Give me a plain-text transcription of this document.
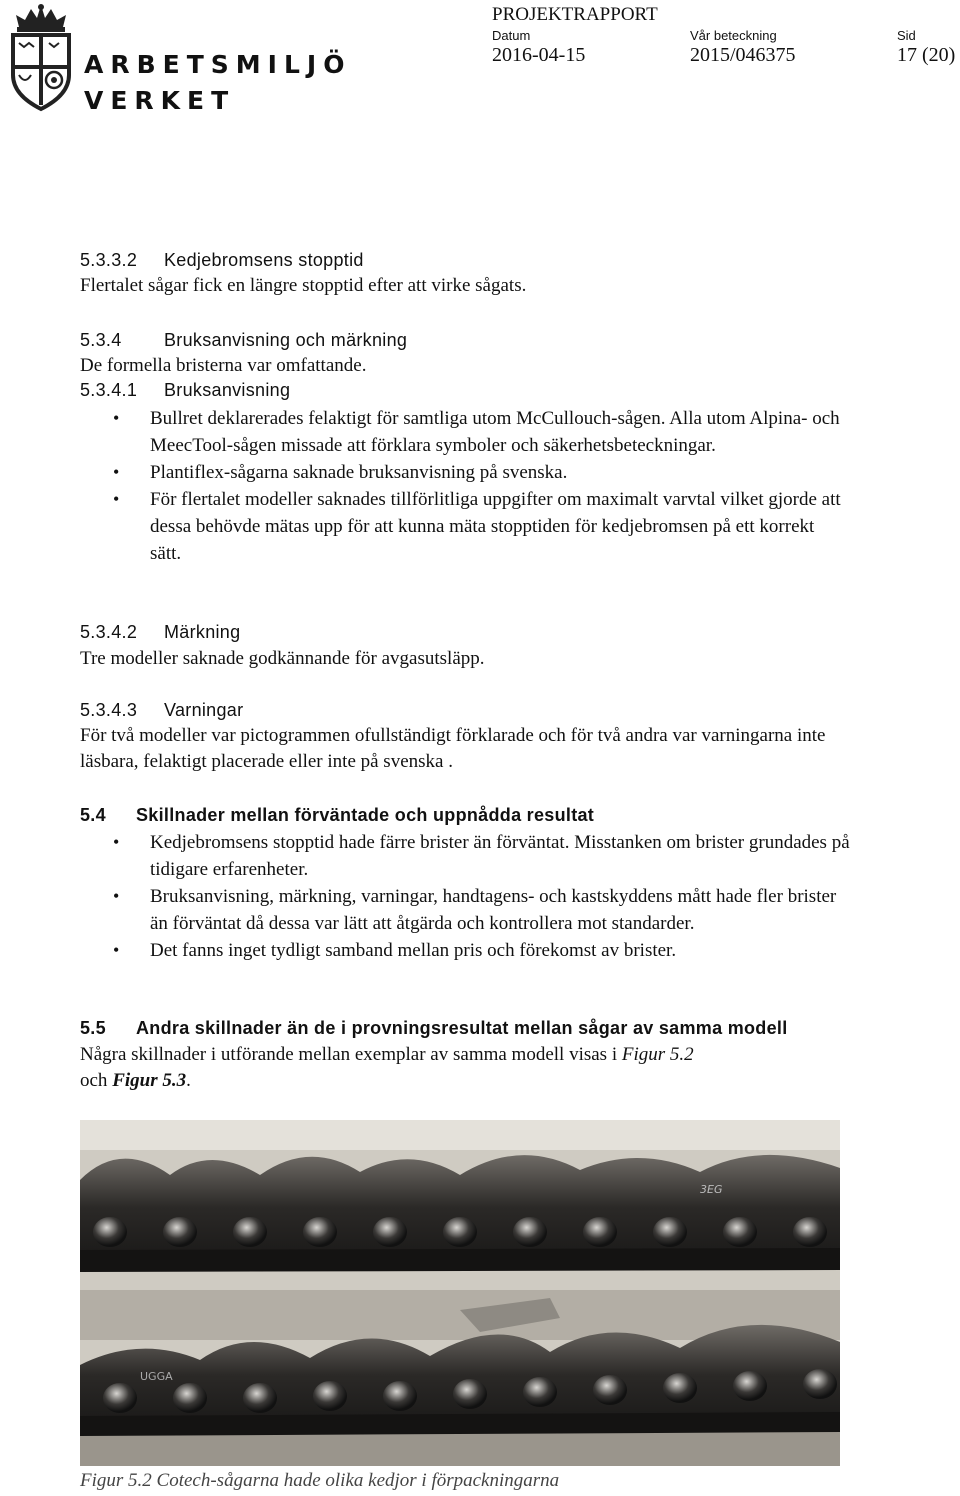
ARBETSMILJÖ
VERKET
PROJEKTRAPPORT
Datum	Vår beteckning	Sid
2016-04-15	2015/046375	17 (20)
5.3.3.2 Kedjebromsens stopptid
Flertalet sågar fick en längre stopptid efter att virke sågats.
5.3.4 Bruksanvisning och märkning
De formella bristerna var omfattande.
5.3.4.1 Bruksanvisning
• Bullret deklarerades felaktigt för samtliga utom McCullouch-sågen. Alla utom Alpina- och MeecTool-sågen missade att förklara symboler och säkerhetsbeteckningar.
• Plantiflex-sågarna saknade bruksanvisning på svenska.
• För flertalet modeller saknades tillförlitliga uppgifter om maximalt varvtal vilket gjorde att dessa behövde mätas upp för att kunna mäta stopptiden för kedjebromsen på ett korrekt sätt.
5.3.4.2 Märkning
Tre modeller saknade godkännande för avgasutsläpp.
5.3.4.3 Varningar
För två modeller var pictogrammen ofullständigt förklarade och för två andra var varningarna inte läsbara, felaktigt placerade eller inte på svenska .
5.4 Skillnader mellan förväntade och uppnådda resultat
• Kedjebromsens stopptid hade färre brister än förväntat. Misstanken om brister grundades på tidigare erfarenheter.
• Bruksanvisning, märkning, varningar, handtagens- och kastskyddens mått hade fler brister än förväntat då dessa var lätt att åtgärda och kontrollera mot standarder.
• Det fanns inget tydligt samband mellan pris och förekomst av brister.
5.5 Andra skillnader än de i provningsresultat mellan sågar av samma modell
Några skillnader i utförande mellan exemplar av samma modell visas i Figur 5.2
och Figur 5.3.
3EG
UGGA
Figur 5.2 Cotech-sågarna hade olika kedjor i förpackningarna
